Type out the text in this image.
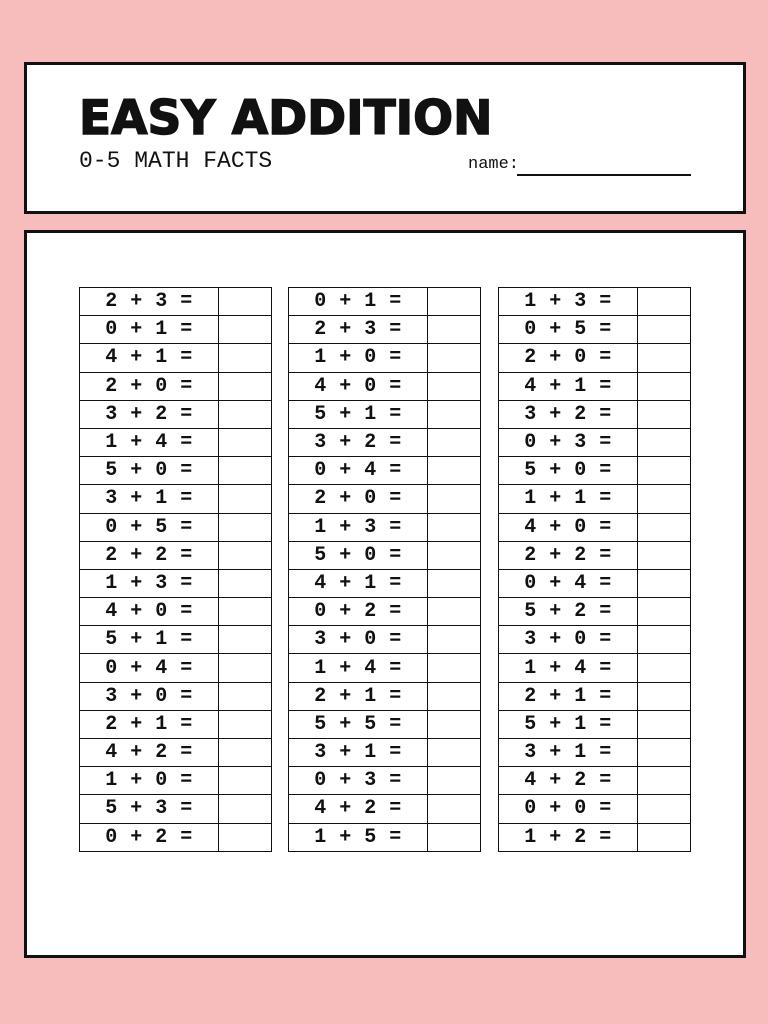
EASY ADDITION
0-5 MATH FACTS	name:
2 + 3 =	
0 + 1 =	
4 + 1 =	
2 + 0 =	
3 + 2 =	
1 + 4 =	
5 + 0 =	
3 + 1 =	
0 + 5 =	
2 + 2 =	
1 + 3 =	
4 + 0 =	
5 + 1 =	
0 + 4 =	
3 + 0 =	
2 + 1 =	
4 + 2 =	
1 + 0 =	
5 + 3 =	
0 + 2 =	
0 + 1 =	
2 + 3 =	
1 + 0 =	
4 + 0 =	
5 + 1 =	
3 + 2 =	
0 + 4 =	
2 + 0 =	
1 + 3 =	
5 + 0 =	
4 + 1 =	
0 + 2 =	
3 + 0 =	
1 + 4 =	
2 + 1 =	
5 + 5 =	
3 + 1 =	
0 + 3 =	
4 + 2 =	
1 + 5 =	
1 + 3 =	
0 + 5 =	
2 + 0 =	
4 + 1 =	
3 + 2 =	
0 + 3 =	
5 + 0 =	
1 + 1 =	
4 + 0 =	
2 + 2 =	
0 + 4 =	
5 + 2 =	
3 + 0 =	
1 + 4 =	
2 + 1 =	
5 + 1 =	
3 + 1 =	
4 + 2 =	
0 + 0 =	
1 + 2 =	
